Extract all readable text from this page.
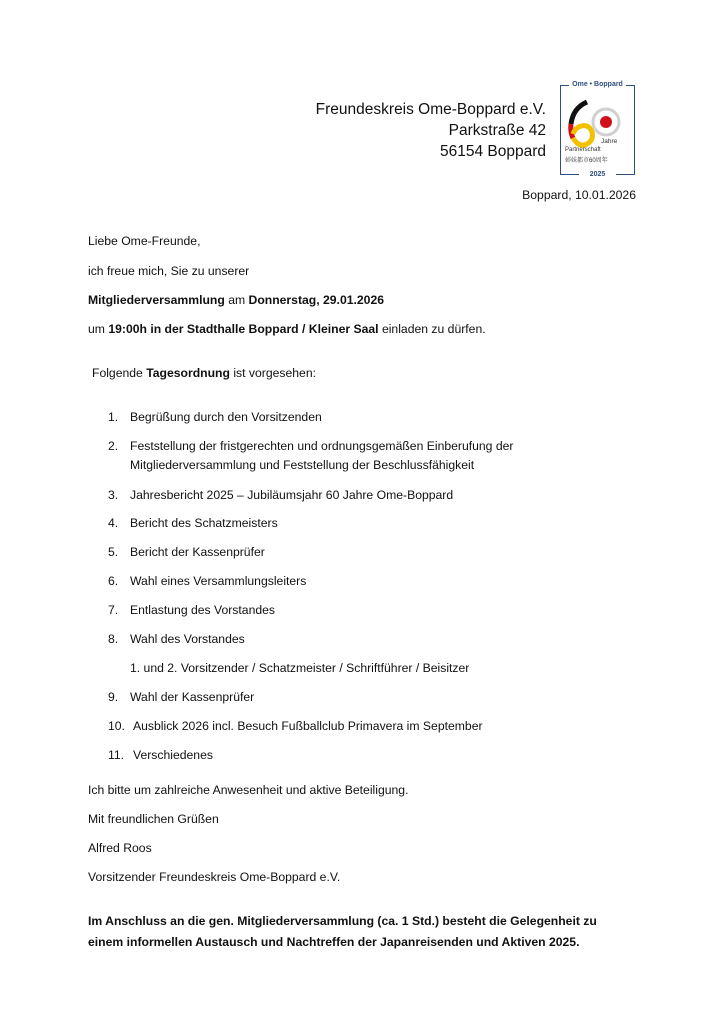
Freundeskreis Ome-Boppard e.V.
Parkstraße 42
56154 Boppard
Ome • Boppard
Jahre
Partnerschaft
姉妹都市60周年
2025
Boppard, 10.01.2026
Liebe Ome-Freunde,
ich freue mich, Sie zu unserer
Mitgliederversammlung am Donnerstag, 29.01.2026
um 19:00h in der Stadthalle Boppard / Kleiner Saal einladen zu dürfen.
Folgende Tagesordnung ist vorgesehen:
1. Begrüßung durch den Vorsitzenden
2. Feststellung der fristgerechten und ordnungsgemäßen Einberufung der
Mitgliederversammlung und Feststellung der Beschlussfähigkeit
3. Jahresbericht 2025 – Jubiläumsjahr 60 Jahre Ome-Boppard
4. Bericht des Schatzmeisters
5. Bericht der Kassenprüfer
6. Wahl eines Versammlungsleiters
7. Entlastung des Vorstandes
8. Wahl des Vorstandes
1. und 2. Vorsitzender / Schatzmeister / Schriftführer / Beisitzer
9. Wahl der Kassenprüfer
10. Ausblick 2026 incl. Besuch Fußballclub Primavera im September
11. Verschiedenes
Ich bitte um zahlreiche Anwesenheit und aktive Beteiligung.
Mit freundlichen Grüßen
Alfred Roos
Vorsitzender Freundeskreis Ome-Boppard e.V.
Im Anschluss an die gen. Mitgliederversammlung (ca. 1 Std.) besteht die Gelegenheit zu
einem informellen Austausch und Nachtreffen der Japanreisenden und Aktiven 2025.
